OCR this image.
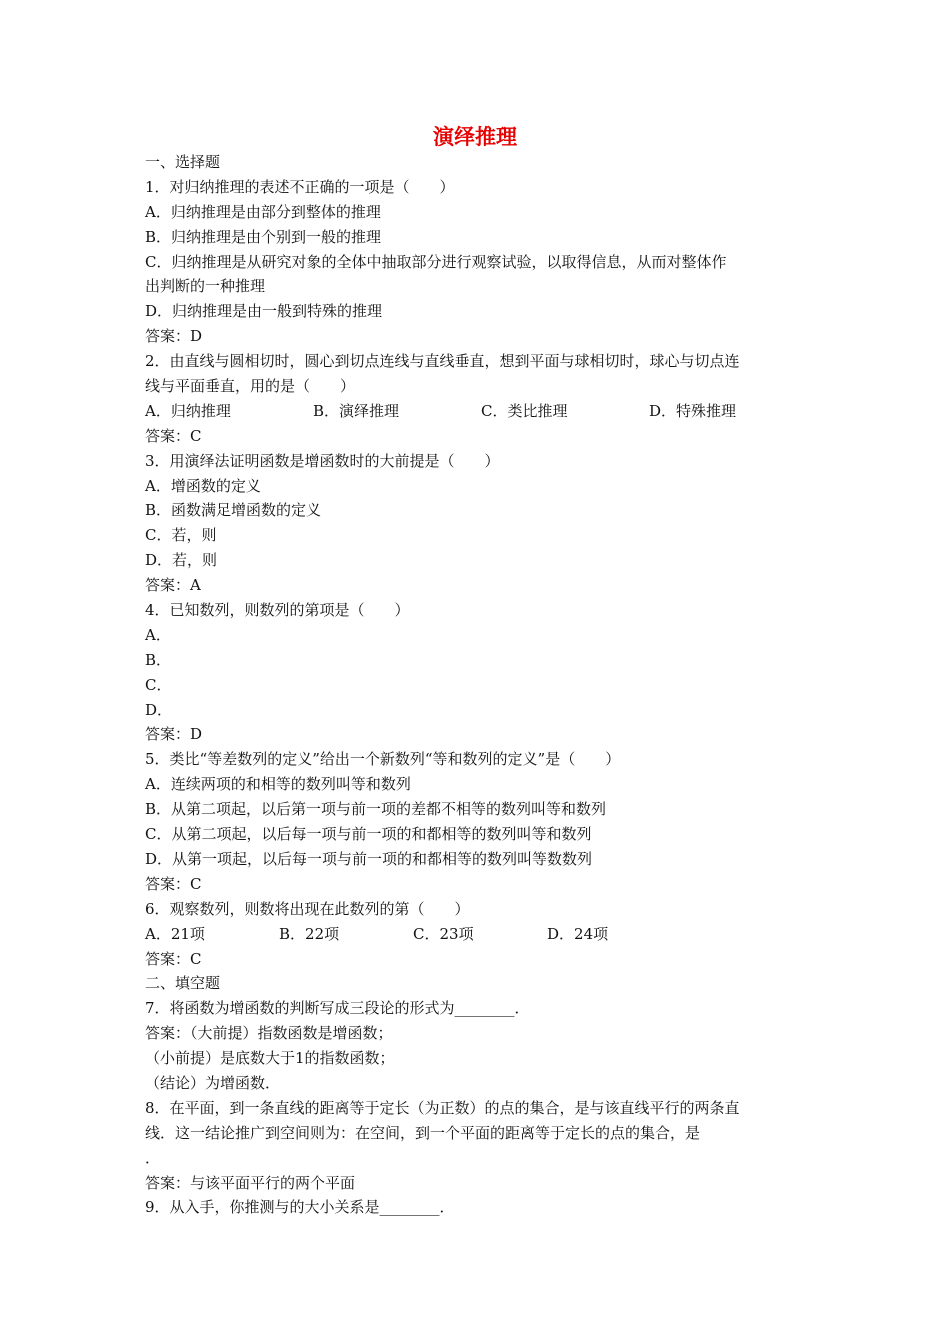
演绎推理
一、选择题
1．对归纳推理的表述不正确的一项是（　　）
A．归纳推理是由部分到整体的推理
B．归纳推理是由个别到一般的推理
C．归纳推理是从研究对象的全体中抽取部分进行观察试验，以取得信息，从而对整体作
出判断的一种推理
D．归纳推理是由一般到特殊的推理
答案：D
2．由直线与圆相切时，圆心到切点连线与直线垂直，想到平面与球相切时，球心与切点连
线与平面垂直，用的是（　　）
A．归纳推理	B．演绎推理	C．类比推理	D．特殊推理
答案：C
3．用演绎法证明函数是增函数时的大前提是（　　）
A．增函数的定义
B．函数满足增函数的定义
C．若，则
D．若，则
答案：A
4．已知数列，则数列的第项是（　　）
A．
B．
C．
D．
答案：D
5．类比“等差数列的定义”给出一个新数列“等和数列的定义”是（　　）
A．连续两项的和相等的数列叫等和数列
B．从第二项起，以后第一项与前一项的差都不相等的数列叫等和数列
C．从第二项起，以后每一项与前一项的和都相等的数列叫等和数列
D．从第一项起，以后每一项与前一项的和都相等的数列叫等数数列
答案：C
6．观察数列，则数将出现在此数列的第（　　）
A．21项	B．22项	C．23项	D．24项
答案：C
二、填空题
7．将函数为增函数的判断写成三段论的形式为________．
答案：（大前提）指数函数是增函数；
（小前提）是底数大于1的指数函数；
（结论）为增函数．
8．在平面，到一条直线的距离等于定长（为正数）的点的集合，是与该直线平行的两条直
线．这一结论推广到空间则为：在空间，到一个平面的距离等于定长的点的集合，是
．
答案：与该平面平行的两个平面
9．从入手，你推测与的大小关系是________．
